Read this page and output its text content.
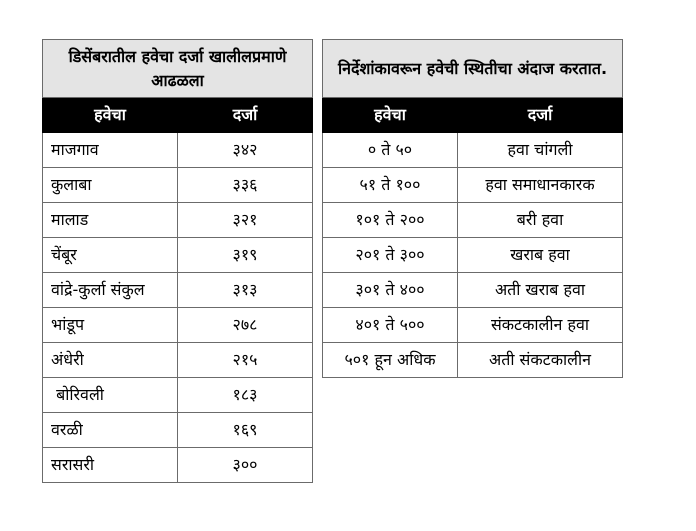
डिसेंबरातील हवेचा दर्जा खालीलप्रमाणे आढळला	
हवेचा	दर्जा
माजगाव	३४२
कुलाबा	३३६
मालाड	३२१
चेंबूर	३१९
वांद्रे-कुर्ला संकुल	३१३
भांडूप	२७८
अंधेरी	२१५
बोरिवली	१८३
वरळी	१६९
सरासरी	३००
निर्देशांकावरून हवेची स्थितीचा अंदाज करतात.	
हवेचा	दर्जा
० ते ५०	हवा चांगली
५१ ते १००	हवा समाधानकारक
१०१ ते २००	बरी हवा
२०१ ते ३००	खराब हवा
३०१ ते ४००	अती खराब हवा
४०१ ते ५००	संकटकालीन हवा
५०१ हून अधिक	अती संकटकालीन
